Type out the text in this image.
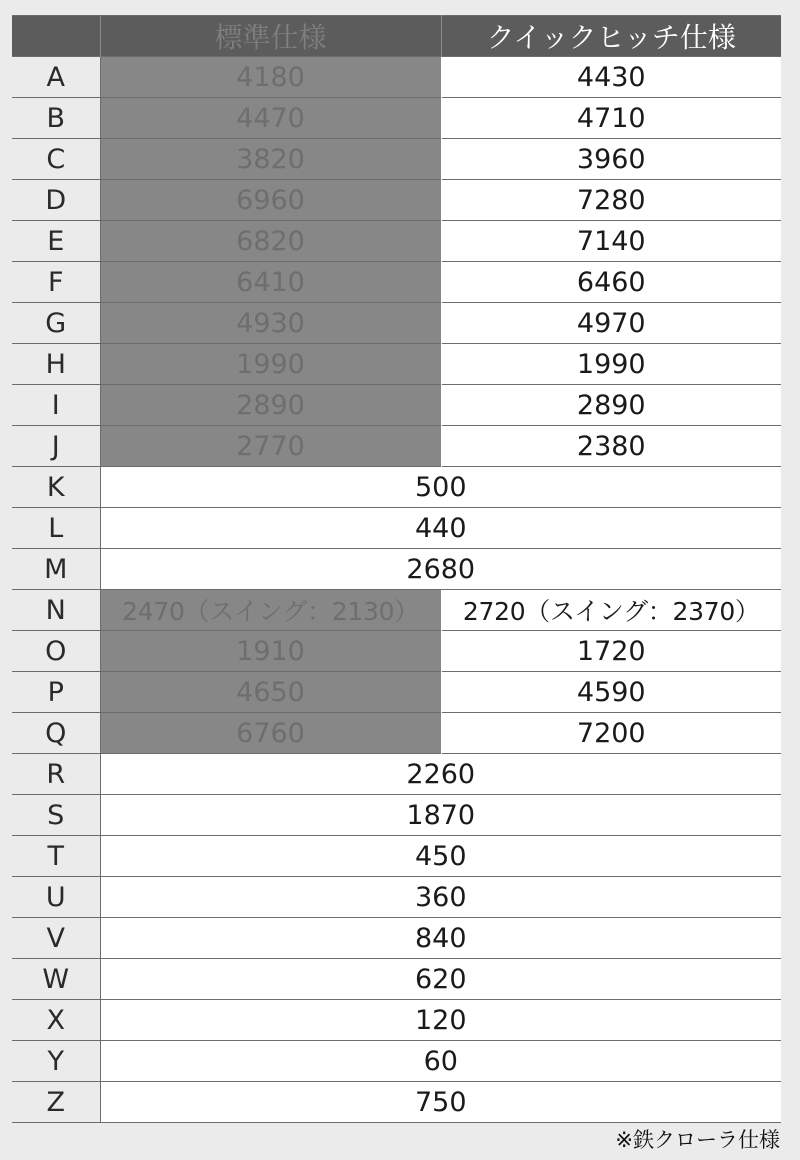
	標準仕様	クイックヒッチ仕様
A	4180	4430
B	4470	4710
C	3820	3960
D	6960	7280
E	6820	7140
F	6410	6460
G	4930	4970
H	1990	1990
I	2890	2890
J	2770	2380
K	500	
L	440	
M	2680	
N	2470（スイング：2130）	2720（スイング：2370）
O	1910	1720
P	4650	4590
Q	6760	7200
R	2260	
S	1870	
T	450	
U	360	
V	840	
W	620	
X	120	
Y	60	
Z	750	
※鉄クローラ仕様
